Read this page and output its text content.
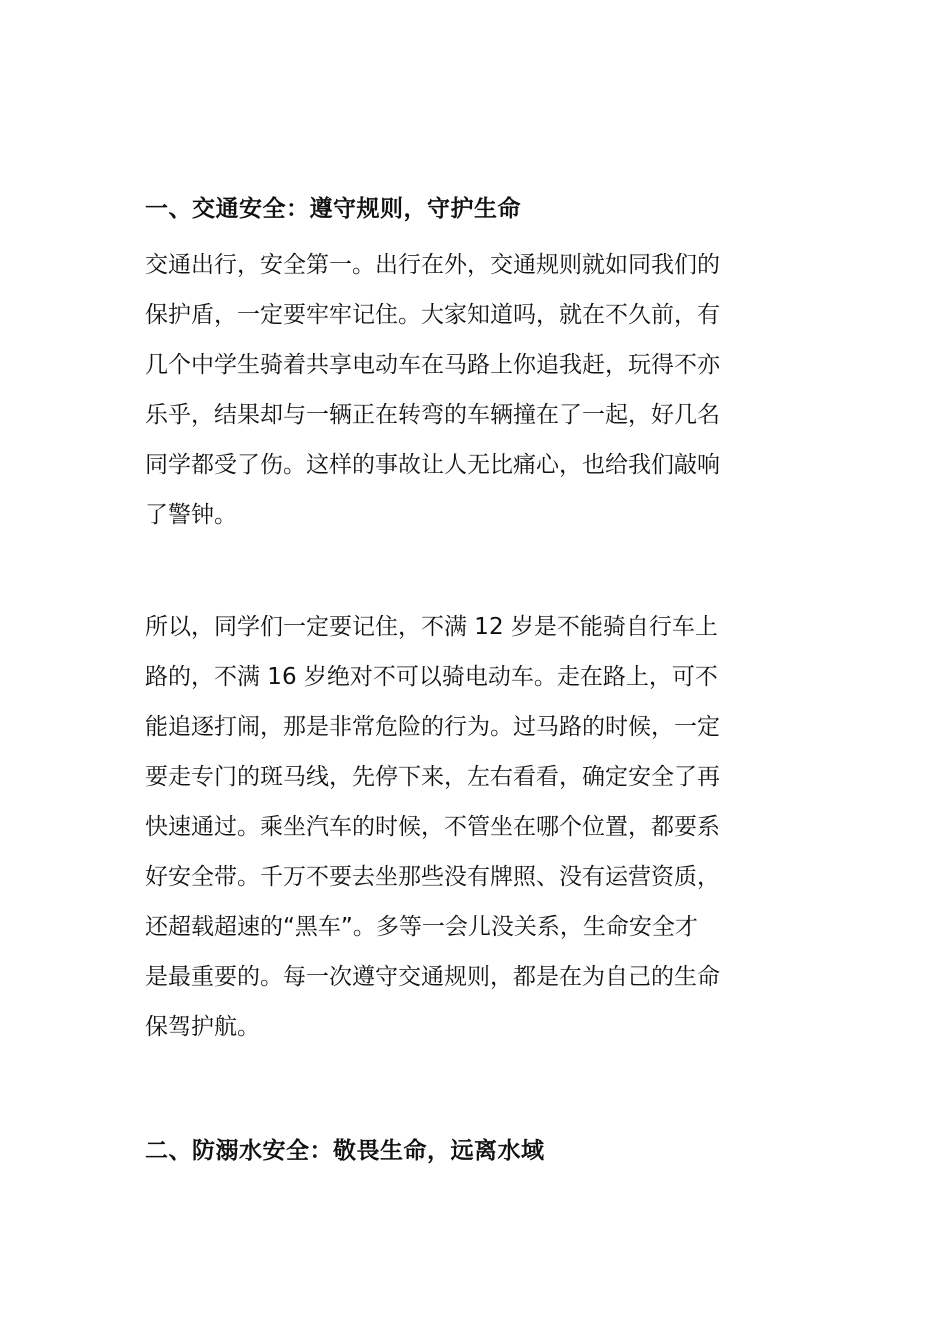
一、交通安全：遵守规则，守护生命

交通出行，安全第一。出行在外，交通规则就如同我们的
保护盾，一定要牢牢记住。大家知道吗，就在不久前，有
几个中学生骑着共享电动车在马路上你追我赶，玩得不亦
乐乎，结果却与一辆正在转弯的车辆撞在了一起，好几名
同学都受了伤。这样的事故让人无比痛心，也给我们敲响
了警钟。

所以，同学们一定要记住，不满 12 岁是不能骑自行车上
路的，不满 16 岁绝对不可以骑电动车。走在路上，可不
能追逐打闹，那是非常危险的行为。过马路的时候，一定
要走专门的斑马线，先停下来，左右看看，确定安全了再
快速通过。乘坐汽车的时候，不管坐在哪个位置，都要系
好安全带。千万不要去坐那些没有牌照、没有运营资质，
还超载超速的“黑车”。多等一会儿没关系，生命安全才
是最重要的。每一次遵守交通规则，都是在为自己的生命
保驾护航。

二、防溺水安全：敬畏生命，远离水域
